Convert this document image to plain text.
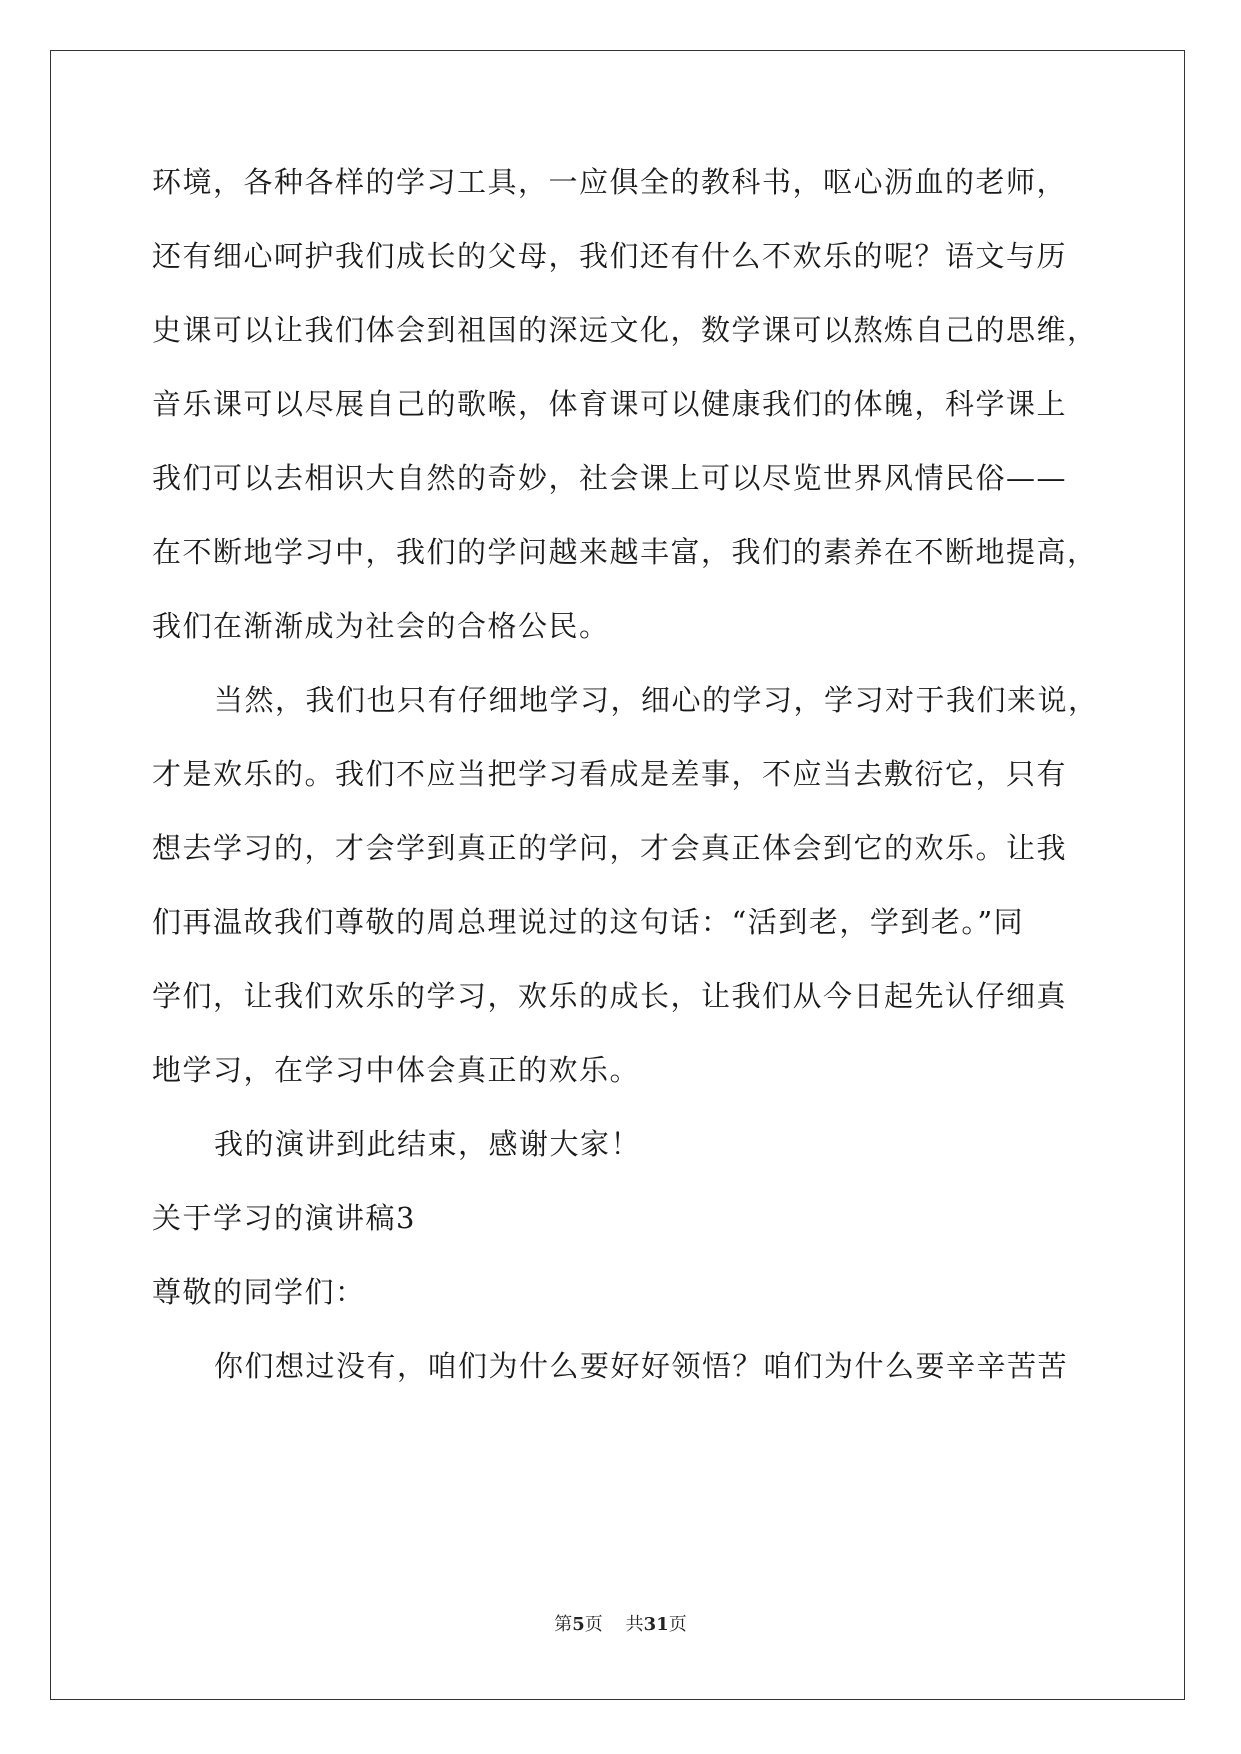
环境，各种各样的学习工具，一应俱全的教科书，呕心沥血的老师，
还有细心呵护我们成长的父母，我们还有什么不欢乐的呢？语文与历
史课可以让我们体会到祖国的深远文化，数学课可以熬炼自己的思维，
音乐课可以尽展自己的歌喉，体育课可以健康我们的体魄，科学课上
我们可以去相识大自然的奇妙，社会课上可以尽览世界风情民俗——
在不断地学习中，我们的学问越来越丰富，我们的素养在不断地提高，
我们在渐渐成为社会的合格公民。
当然，我们也只有仔细地学习，细心的学习，学习对于我们来说，
才是欢乐的。我们不应当把学习看成是差事，不应当去敷衍它，只有
想去学习的，才会学到真正的学问，才会真正体会到它的欢乐。让我
们再温故我们尊敬的周总理说过的这句话：“活到老，学到老。”同
学们，让我们欢乐的学习，欢乐的成长，让我们从今日起先认仔细真
地学习，在学习中体会真正的欢乐。
我的演讲到此结束，感谢大家！
关于学习的演讲稿3
尊敬的同学们：
你们想过没有，咱们为什么要好好领悟？咱们为什么要辛辛苦苦
第5页 共31页
